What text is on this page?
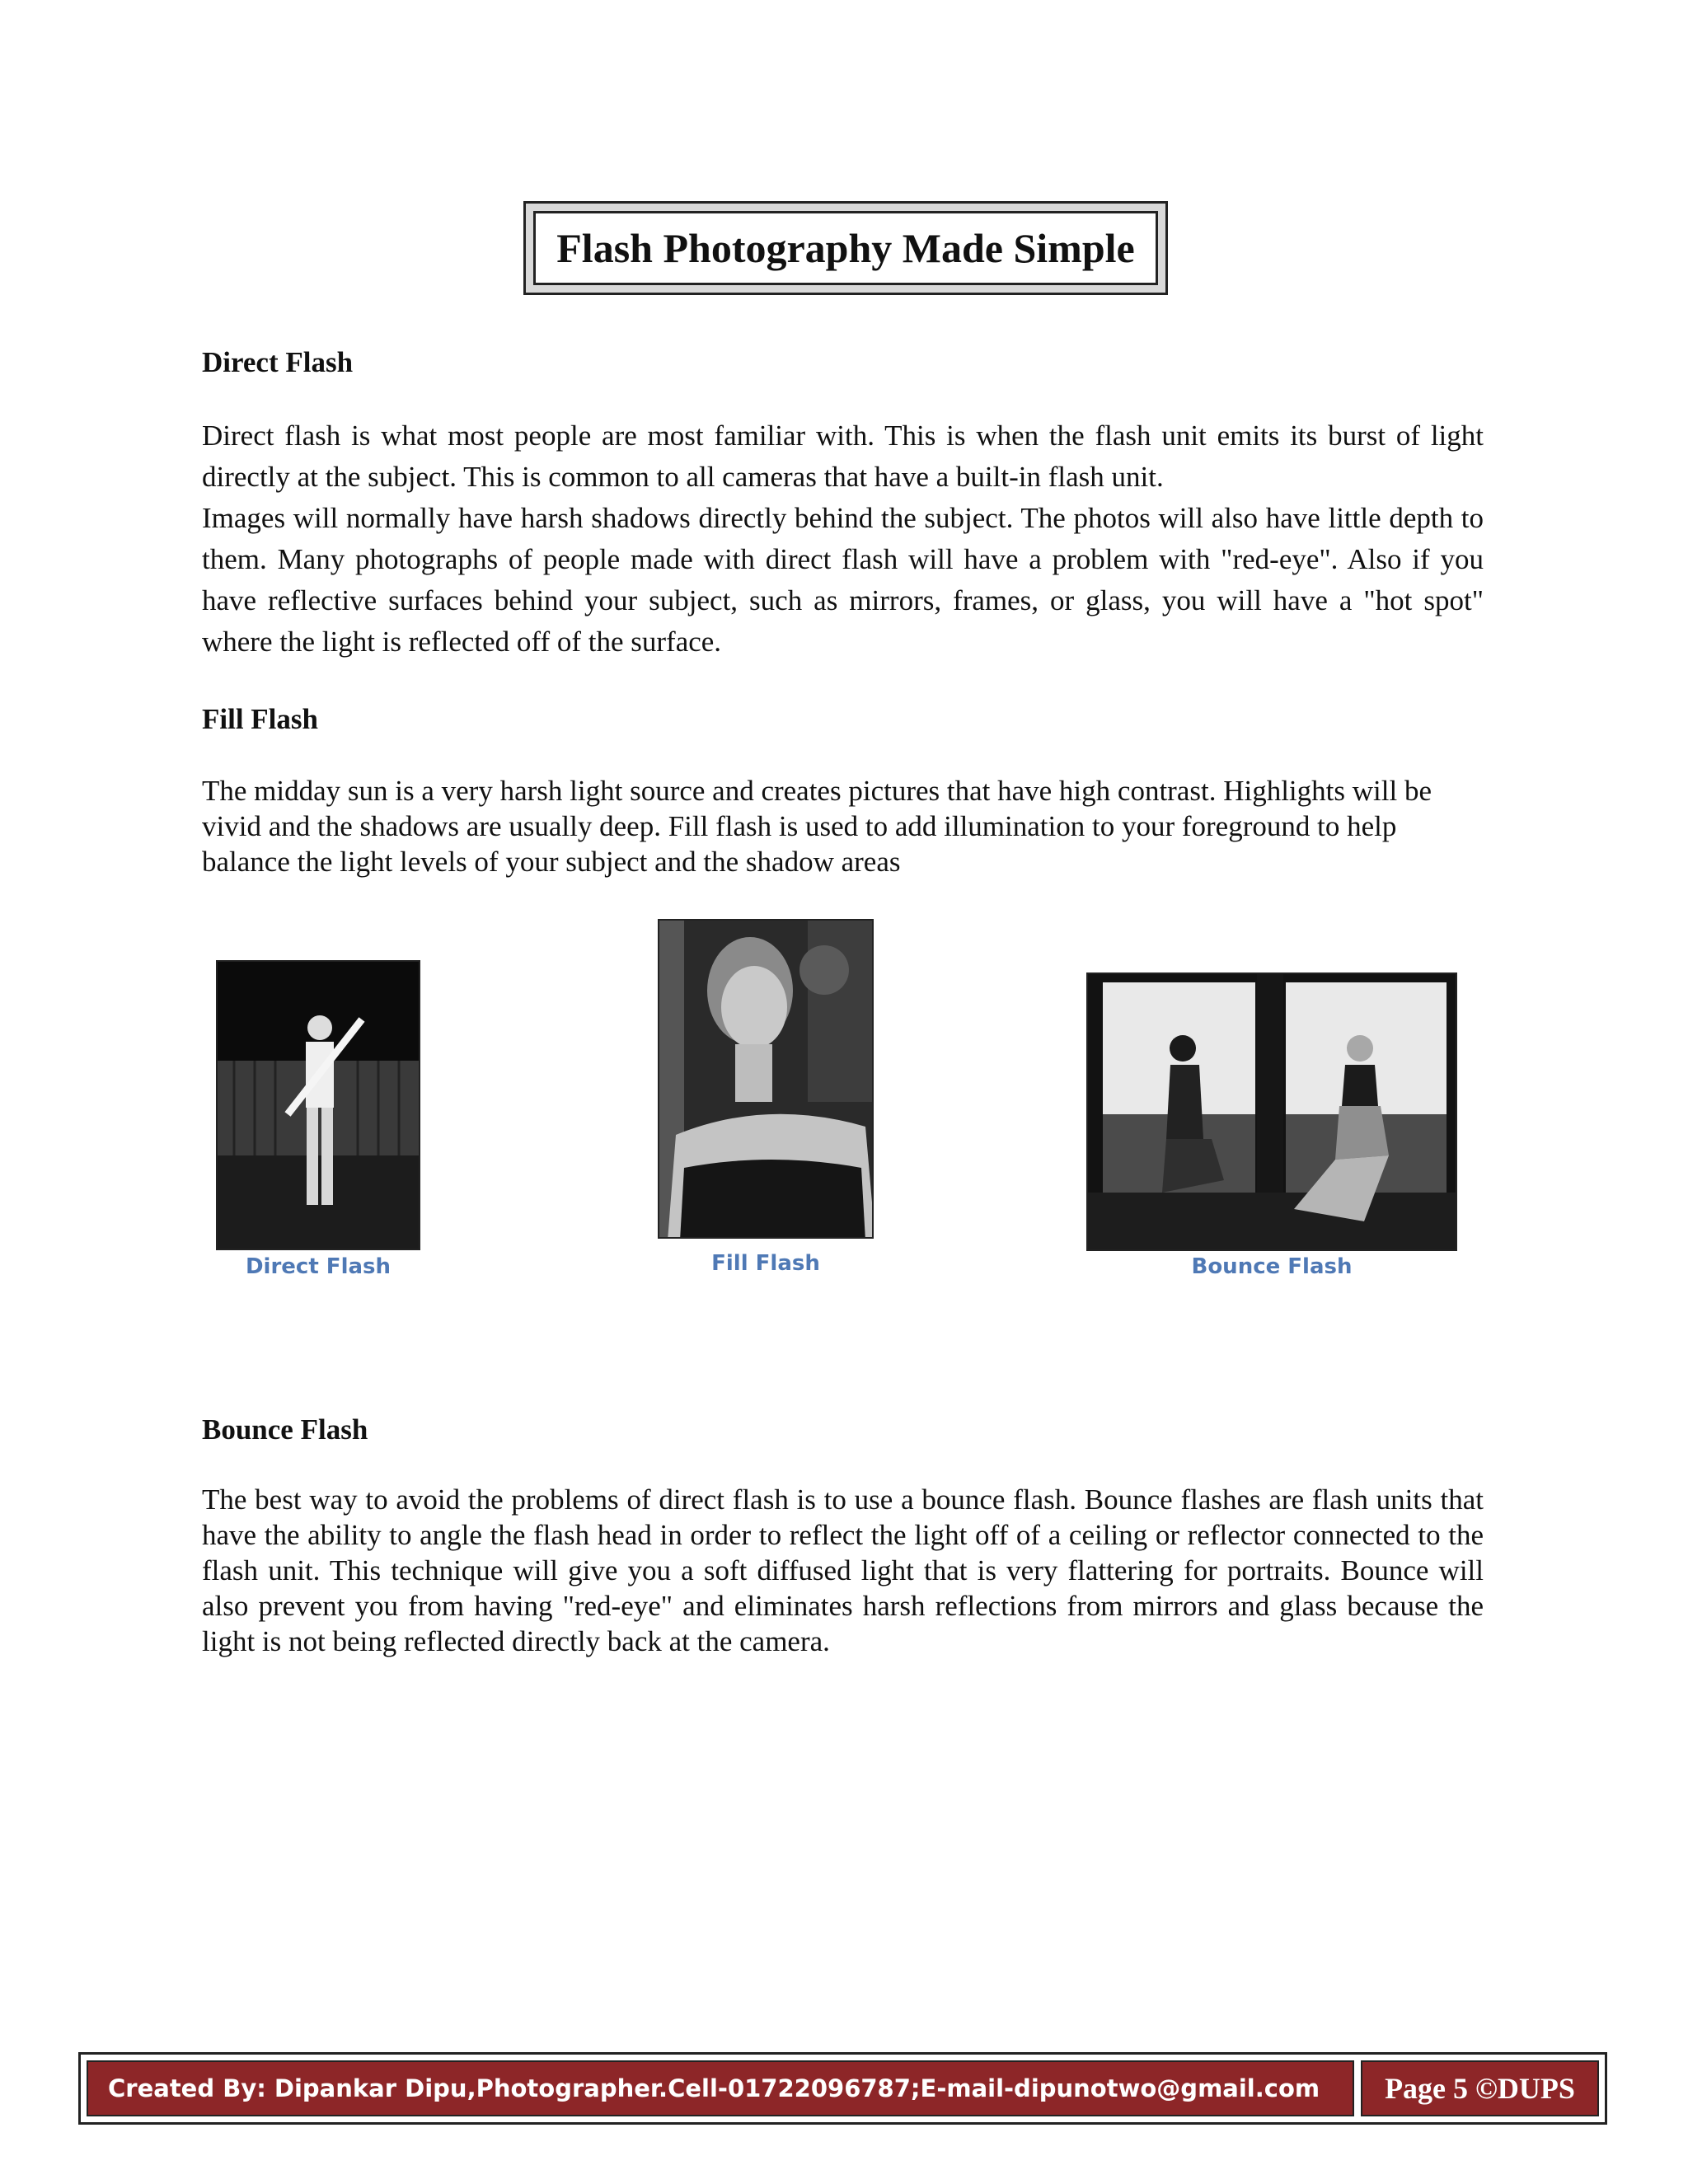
Flash Photography Made Simple
Direct Flash

Direct flash is what most people are most familiar with. This is when the flash unit emits its burst of light directly at the subject. This is common to all cameras that have a built-in flash unit.

Images will normally have harsh shadows directly behind the subject. The photos will also have little depth to them. Many photographs of people made with direct flash will have a problem with "red-eye". Also if you have reflective surfaces behind your subject, such as mirrors, frames, or glass, you will have a "hot spot" where the light is reflected off of the surface.

Fill Flash

The midday sun is a very harsh light source and creates pictures that have high contrast. Highlights will be vivid and the shadows are usually deep. Fill flash is used to add illumination to your foreground to help balance the light levels of your subject and the shadow areas

Direct Flash	Fill Flash	Bounce Flash
Bounce Flash

The best way to avoid the problems of direct flash is to use a bounce flash. Bounce flashes are flash units that have the ability to angle the flash head in order to reflect the light off of a ceiling or reflector connected to the flash unit. This technique will give you a soft diffused light that is very flattering for portraits. Bounce will also prevent you from having "red-eye" and eliminates harsh reflections from mirrors and glass because the light is not being reflected directly back at the camera.

Created By: Dipankar Dipu,Photographer.Cell-01722096787;E-mail-dipunotwo@gmail.com	Page 5 ©DUPS
